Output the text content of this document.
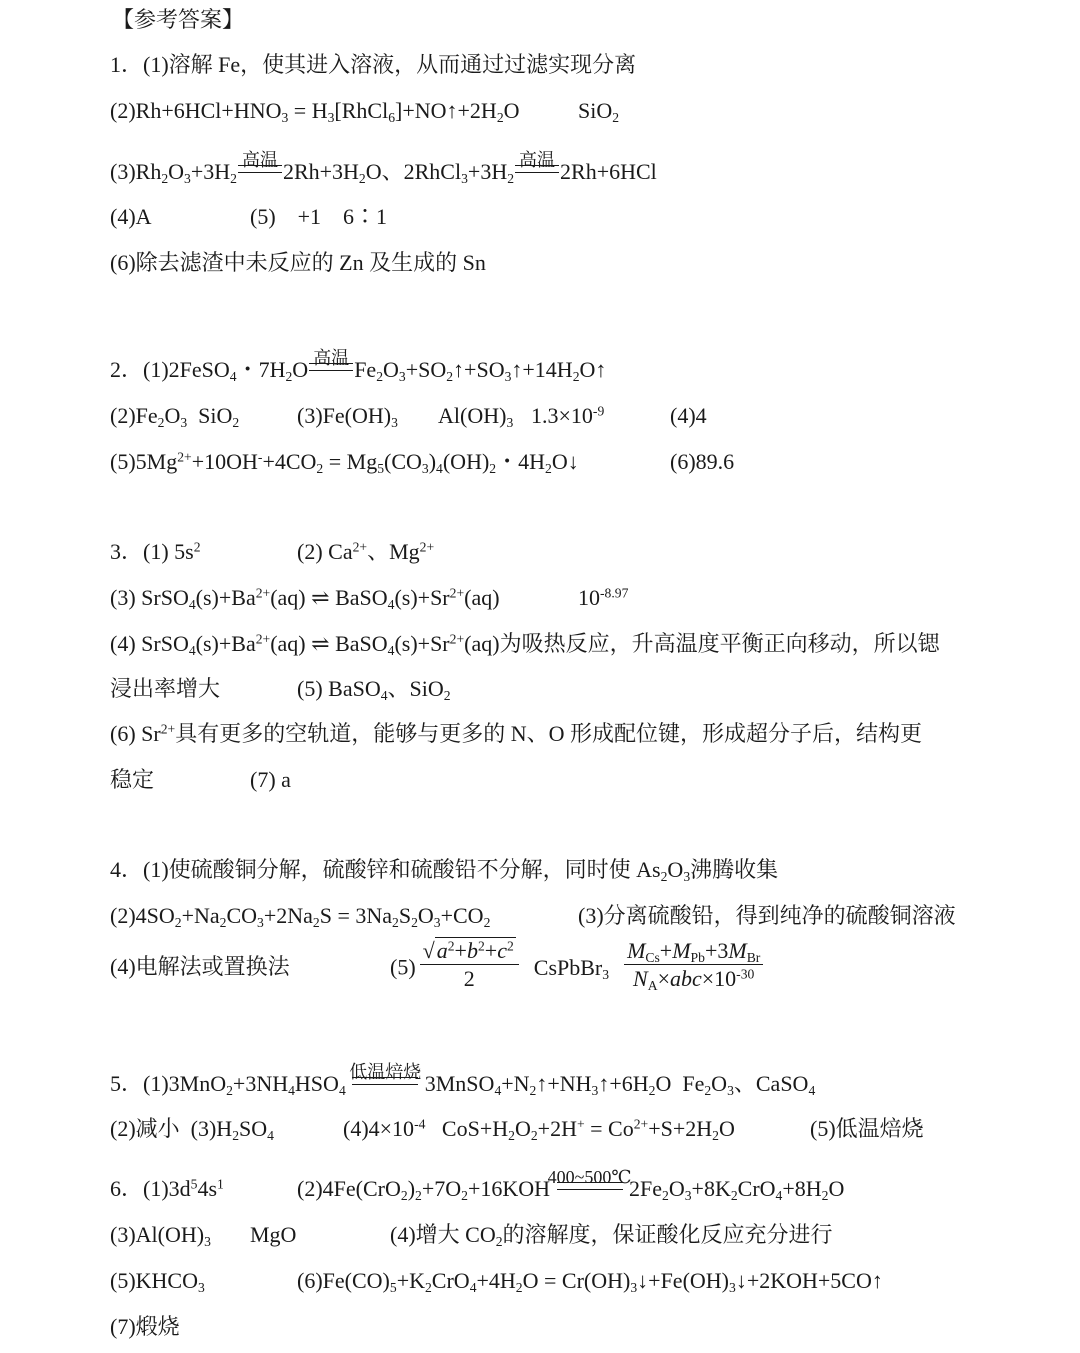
【参考答案】
1．(1)溶解 Fe，使其进入溶液，从而通过过滤实现分离
$(2)Rh+6HCl+HNO_3$ = $H_3[RhCl_6]+NO↑+2H_2O$	SiO$_2$
$(3)Rh_2O_3+3H_2$
高温 $2Rh+3H_2O$、$2RhCl_3+3H_2$
高温 2Rh+6HCl
(4)A	(5)　+1　6∶1
(6)除去滤渣中未反应的 Zn 及生成的 Sn
2．(1)2FeSO$_4$・$7H_2O$ 高温 $Fe_2O_3+SO_2↑+SO_3↑+14H_2O↑$
$(2)Fe_2O_3$  SiO$_2$	$(3)Fe(OH)_3$ $Al(OH)_3$ $1.3\times 10^{-9}$	(4)4
$(5)5Mg^{2+}+10OH^-+4CO_2 = Mg_5(CO_3)_4(OH)_2$・$4H_2O↓$	(6)89.6
3．(1) $5s^2$	(2) $Ca^{2+}$、$Mg^{2+}$
(3) $SrSO_4(s)+Ba^{2+}(aq)$ ⇌ $BaSO_4(s)+Sr^{2+}(aq)$	$10^{-8.97}$
(4) $SrSO_4(s)+Ba^{2+}(aq)$ ⇌ $BaSO_4(s)+Sr^{2+}(aq)$为吸热反应，升高温度平衡正向移动，所以锶
浸出率增大	(5) BaSO$_4$、SiO$_2$
(6) $Sr^{2+}$具有更多的空轨道，能够与更多的 N、O 形成配位键，形成超分子后，结构更
稳定	(7) a
4．(1)使硫酸铜分解，硫酸锌和硫酸铅不分解，同时使 $As_2O_3$沸腾收集
$(2)4SO_2+Na_2CO_3+2Na_2S = 3Na_2S_2O_3+CO_2$	(3)分离硫酸铅，得到纯净的硫酸铜溶液
(4)电解法或置换法	$(5) \frac{√a^2+b^2+c^2}{2}$ CsPbBr$_3$ $\frac{M_{Cs}+M_{Pb}+3M_{Br}}{N_A\times abc\times 10^{-30}}$
5．$(1)3MnO_2+3NH_4HSO_4$
低温焙烧
$3MnSO_4+N_2↑+NH_3↑+6H_2O$  $Fe_2O_3$、CaSO$_4$
(2)减小 $(3)H_2SO_4$	$(4)4\times 10^{-4}$   $CoS+H_2O_2+2H^+ = Co^{2+}+S+2H_2O$	(5)低温焙烧
6．$(1)3d^54s^1$	$(2)4Fe(CrO_2)_2+7O_2+16KOH$
400~500℃
$2Fe_2O_3+8K_2CrO_4+8H_2O$
$(3)Al(OH)_3$ MgO	(4)增大 $CO_2$的溶解度，保证酸化反应充分进行
$(5)KHCO_3$	$(6)Fe(CO)_5+K_2CrO_4+4H_2O$ = $Cr(OH)_3↓+Fe(OH)_3↓+2KOH+5CO↑$
(7)煅烧
